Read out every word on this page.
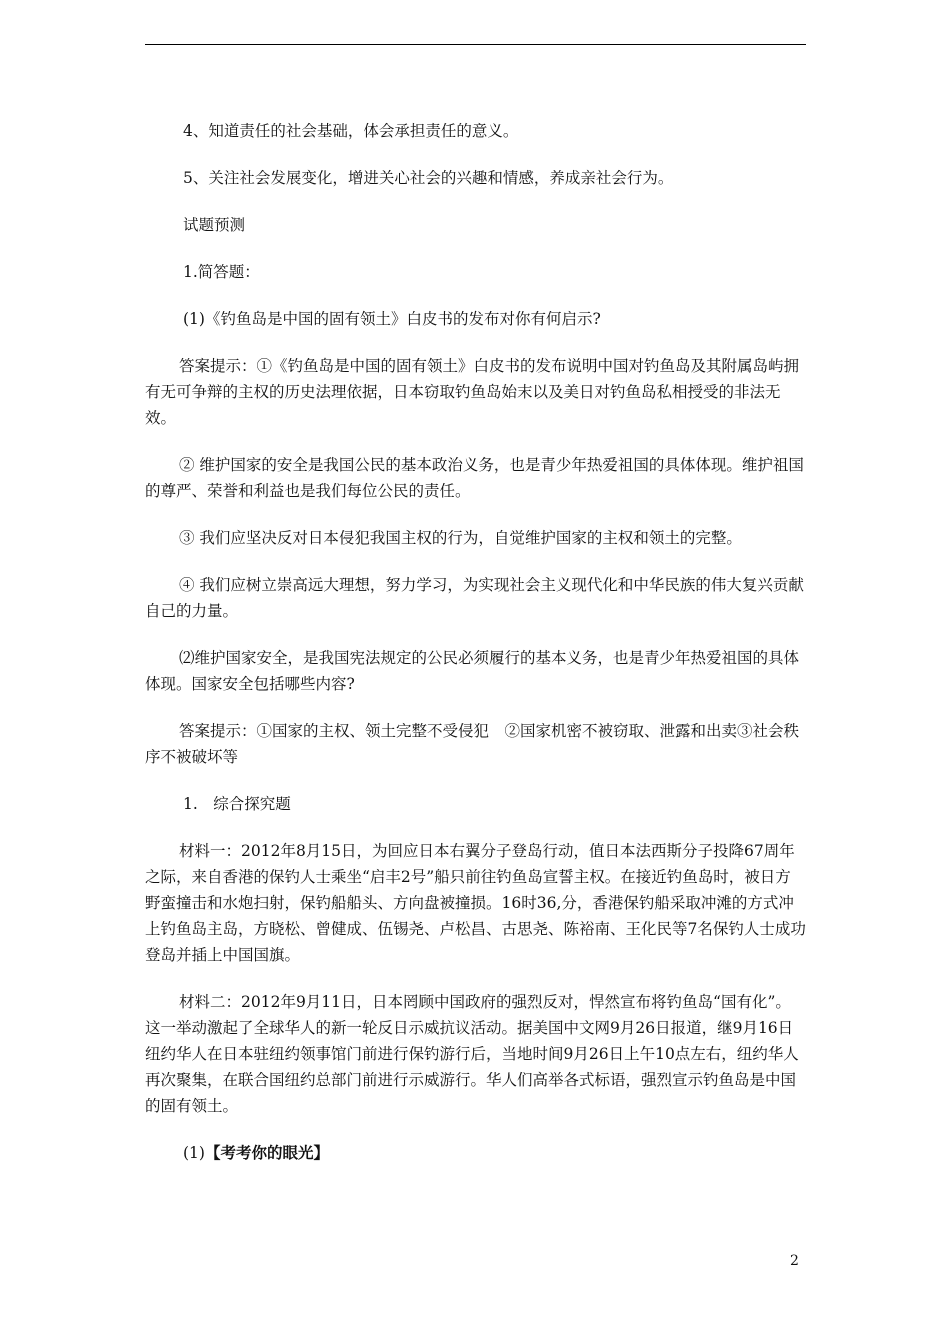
4、知道责任的社会基础，体会承担责任的意义。

5、关注社会发展变化，增进关心社会的兴趣和情感，养成亲社会行为。

试题预测

1.简答题：

(1)《钓鱼岛是中国的固有领土》白皮书的发布对你有何启示?

答案提示：①《钓鱼岛是中国的固有领土》白皮书的发布说明中国对钓鱼岛及其附属岛屿拥有无可争辩的主权的历史法理依据，日本窃取钓鱼岛始末以及美日对钓鱼岛私相授受的非法无效。

② 维护国家的安全是我国公民的基本政治义务，也是青少年热爱祖国的具体体现。维护祖国的尊严、荣誉和利益也是我们每位公民的责任。

③ 我们应坚决反对日本侵犯我国主权的行为，自觉维护国家的主权和领土的完整。

④ 我们应树立崇高远大理想，努力学习，为实现社会主义现代化和中华民族的伟大复兴贡献自己的力量。

⑵维护国家安全，是我国宪法规定的公民必须履行的基本义务，也是青少年热爱祖国的具体体现。国家安全包括哪些内容?

答案提示：①国家的主权、领土完整不受侵犯　②国家机密不被窃取、泄露和出卖③社会秩序不被破坏等

1.　综合探究题

材料一：2012年8月15日，为回应日本右翼分子登岛行动，值日本法西斯分子投降67周年之际，来自香港的保钓人士乘坐“启丰2号”船只前往钓鱼岛宣誓主权。在接近钓鱼岛时，被日方野蛮撞击和水炮扫射，保钓船船头、方向盘被撞损。16时36,分，香港保钓船采取冲滩的方式冲上钓鱼岛主岛，方晓松、曾健成、伍锡尧、卢松昌、古思尧、陈裕南、王化民等7名保钓人士成功登岛并插上中国国旗。

材料二：2012年9月11日，日本罔顾中国政府的强烈反对，悍然宣布将钓鱼岛“国有化”。这一举动激起了全球华人的新一轮反日示威抗议活动。据美国中文网9月26日报道，继9月16日纽约华人在日本驻纽约领事馆门前进行保钓游行后，当地时间9月26日上午10点左右，纽约华人再次聚集，在联合国纽约总部门前进行示威游行。华人们高举各式标语，强烈宣示钓鱼岛是中国的固有领土。

(1)【考考你的眼光】

2
